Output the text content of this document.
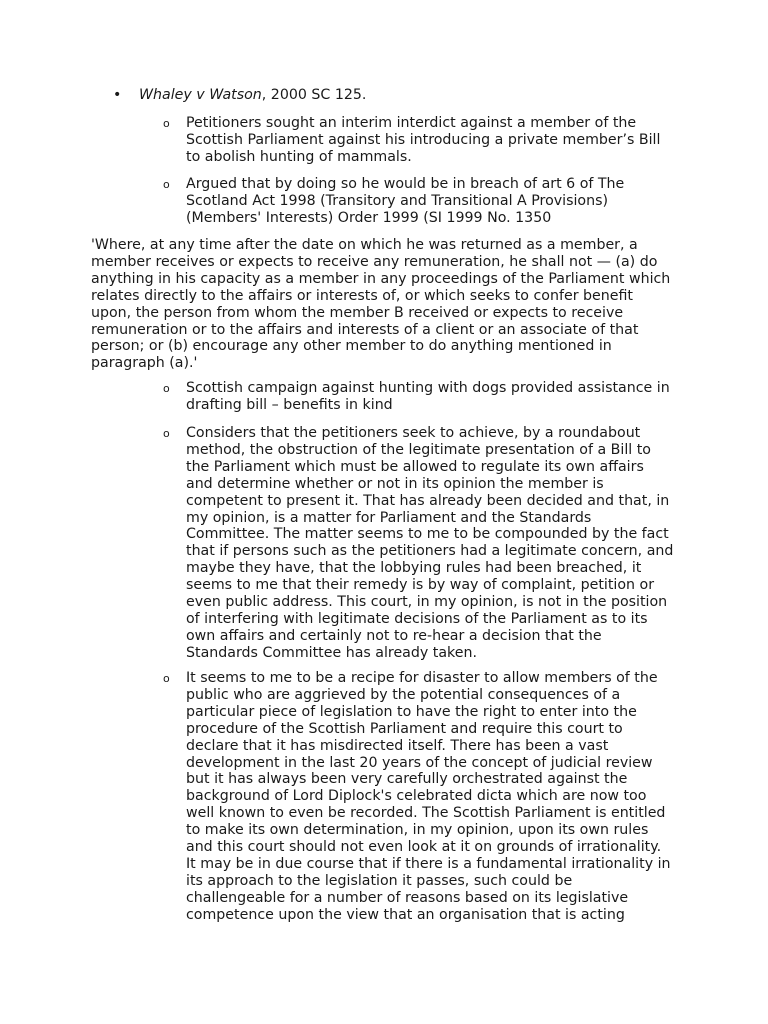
• Whaley v Watson, 2000 SC 125.
o Petitioners sought an interim interdict against a member of the
Scottish Parliament against his introducing a private member’s Bill
to abolish hunting of mammals.
o Argued that by doing so he would be in breach of art 6 of The
Scotland Act 1998 (Transitory and Transitional A Provisions)
(Members' Interests) Order 1999 (SI 1999 No. 1350
'Where, at any time after the date on which he was returned as a member, a
member receives or expects to receive any remuneration, he shall not — (a) do
anything in his capacity as a member in any proceedings of the Parliament which
relates directly to the affairs or interests of, or which seeks to confer benefit
upon, the person from whom the member B received or expects to receive
remuneration or to the affairs and interests of a client or an associate of that
person; or (b) encourage any other member to do anything mentioned in
paragraph (a).'
o Scottish campaign against hunting with dogs provided assistance in
drafting bill – benefits in kind
o Considers that the petitioners seek to achieve, by a roundabout
method, the obstruction of the legitimate presentation of a Bill to
the Parliament which must be allowed to regulate its own affairs
and determine whether or not in its opinion the member is
competent to present it. That has already been decided and that, in
my opinion, is a matter for Parliament and the Standards
Committee. The matter seems to me to be compounded by the fact
that if persons such as the petitioners had a legitimate concern, and
maybe they have, that the lobbying rules had been breached, it
seems to me that their remedy is by way of complaint, petition or
even public address. This court, in my opinion, is not in the position
of interfering with legitimate decisions of the Parliament as to its
own affairs and certainly not to re-hear a decision that the
Standards Committee has already taken.
o It seems to me to be a recipe for disaster to allow members of the
public who are aggrieved by the potential consequences of a
particular piece of legislation to have the right to enter into the
procedure of the Scottish Parliament and require this court to
declare that it has misdirected itself. There has been a vast
development in the last 20 years of the concept of judicial review
but it has always been very carefully orchestrated against the
background of Lord Diplock's celebrated dicta which are now too
well known to even be recorded. The Scottish Parliament is entitled
to make its own determination, in my opinion, upon its own rules
and this court should not even look at it on grounds of irrationality.
It may be in due course that if there is a fundamental irrationality in
its approach to the legislation it passes, such could be
challengeable for a number of reasons based on its legislative
competence upon the view that an organisation that is acting
